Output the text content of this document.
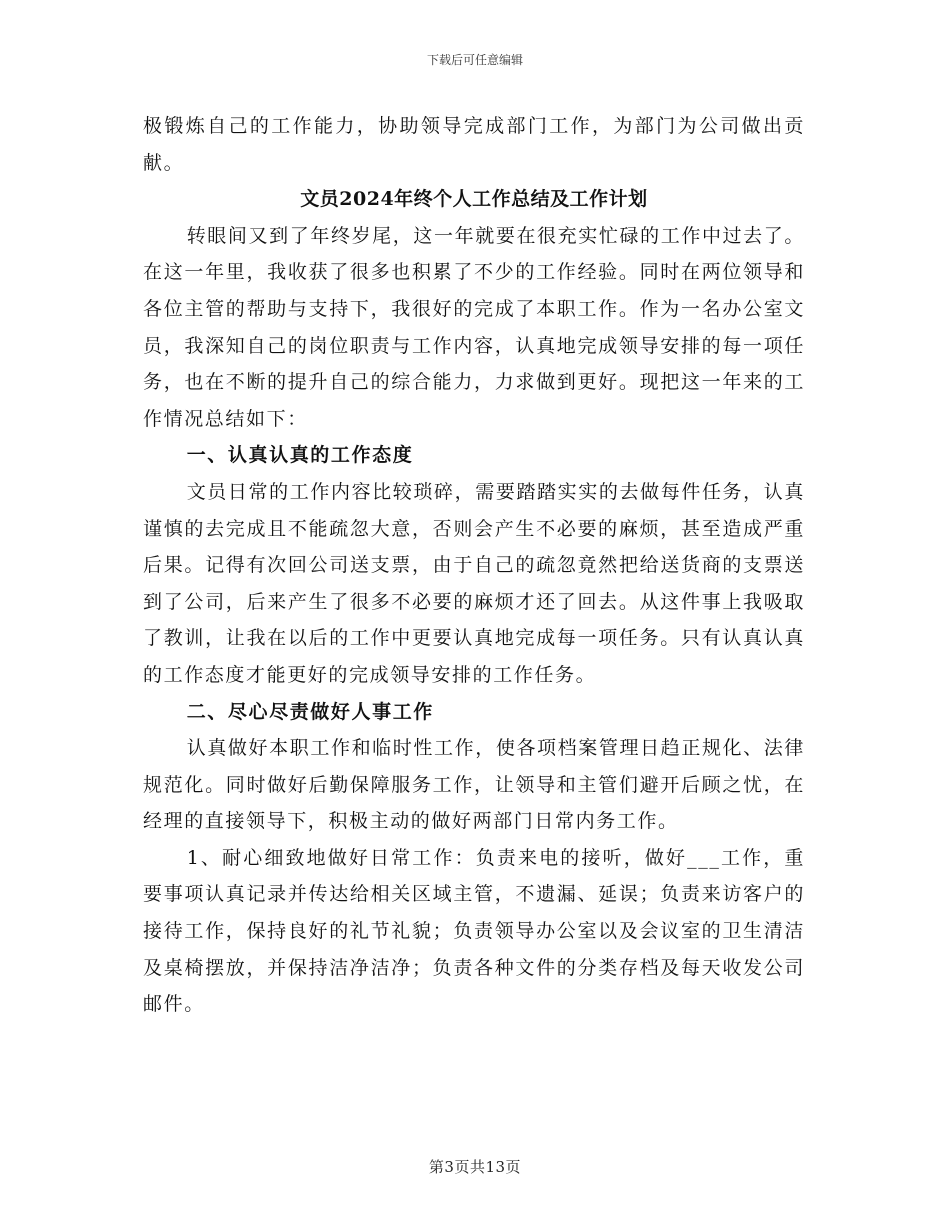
下载后可任意编辑

极锻炼自己的工作能力，协助领导完成部门工作，为部门为公司做出贡献。

文员2024年终个人工作总结及工作计划

转眼间又到了年终岁尾，这一年就要在很充实忙碌的工作中过去了。在这一年里，我收获了很多也积累了不少的工作经验。同时在两位领导和各位主管的帮助与支持下，我很好的完成了本职工作。作为一名办公室文员，我深知自己的岗位职责与工作内容，认真地完成领导安排的每一项任务，也在不断的提升自己的综合能力，力求做到更好。现把这一年来的工作情况总结如下：

一、认真认真的工作态度

文员日常的工作内容比较琐碎，需要踏踏实实的去做每件任务，认真谨慎的去完成且不能疏忽大意，否则会产生不必要的麻烦，甚至造成严重后果。记得有次回公司送支票，由于自己的疏忽竟然把给送货商的支票送到了公司，后来产生了很多不必要的麻烦才还了回去。从这件事上我吸取了教训，让我在以后的工作中更要认真地完成每一项任务。只有认真认真的工作态度才能更好的完成领导安排的工作任务。

二、尽心尽责做好人事工作

认真做好本职工作和临时性工作，使各项档案管理日趋正规化、法律规范化。同时做好后勤保障服务工作，让领导和主管们避开后顾之忧，在经理的直接领导下，积极主动的做好两部门日常内务工作。

1、耐心细致地做好日常工作：负责来电的接听，做好___工作，重要事项认真记录并传达给相关区域主管，不遗漏、延误；负责来访客户的接待工作，保持良好的礼节礼貌；负责领导办公室以及会议室的卫生清洁及桌椅摆放，并保持洁净洁净；负责各种文件的分类存档及每天收发公司邮件。

第3页共13页
